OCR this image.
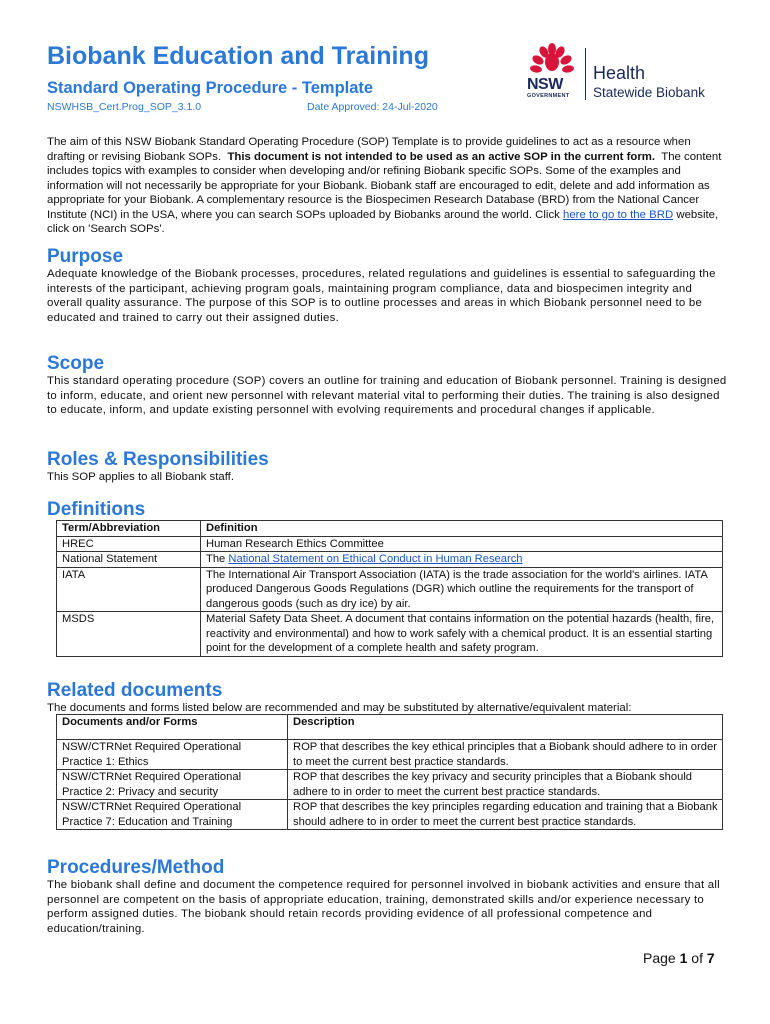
Biobank Education and Training
Standard Operating Procedure - Template
NSWHSB_Cert.Prog_SOP_3.1.0	Date Approved: 24-Jul-2020
NSW
GOVERNMENT
Health
Statewide Biobank

The aim of this NSW Biobank Standard Operating Procedure (SOP) Template is to provide guidelines to act as a resource when drafting or revising Biobank SOPs. This document is not intended to be used as an active SOP in the current form. The content includes topics with examples to consider when developing and/or refining Biobank specific SOPs. Some of the examples and information will not necessarily be appropriate for your Biobank. Biobank staff are encouraged to edit, delete and add information as appropriate for your Biobank. A complementary resource is the Biospecimen Research Database (BRD) from the National Cancer Institute (NCI) in the USA, where you can search SOPs uploaded by Biobanks around the world. Click here to go to the BRD website, click on 'Search SOPs'.

Purpose

Adequate knowledge of the Biobank processes, procedures, related regulations and guidelines is essential to safeguarding the interests of the participant, achieving program goals, maintaining program compliance, data and biospecimen integrity and overall quality assurance. The purpose of this SOP is to outline processes and areas in which Biobank personnel need to be educated and trained to carry out their assigned duties.

Scope

This standard operating procedure (SOP) covers an outline for training and education of Biobank personnel. Training is designed to inform, educate, and orient new personnel with relevant material vital to performing their duties. The training is also designed to educate, inform, and update existing personnel with evolving requirements and procedural changes if applicable.

Roles & Responsibilities

This SOP applies to all Biobank staff.

Definitions
Term/Abbreviation	Definition
HREC	Human Research Ethics Committee
National Statement	The National Statement on Ethical Conduct in Human Research
IATA	The International Air Transport Association (IATA) is the trade association for the world's airlines. IATA produced Dangerous Goods Regulations (DGR) which outline the requirements for the transport of dangerous goods (such as dry ice) by air.
MSDS	Material Safety Data Sheet. A document that contains information on the potential hazards (health, fire, reactivity and environmental) and how to work safely with a chemical product. It is an essential starting point for the development of a complete health and safety program.
Related documents

The documents and forms listed below are recommended and may be substituted by alternative/equivalent material:

Documents and/or Forms	Description
NSW/CTRNet Required Operational Practice 1: Ethics	ROP that describes the key ethical principles that a Biobank should adhere to in order to meet the current best practice standards.
NSW/CTRNet Required Operational Practice 2: Privacy and security	ROP that describes the key privacy and security principles that a Biobank should adhere to in order to meet the current best practice standards.
NSW/CTRNet Required Operational Practice 7: Education and Training	ROP that describes the key principles regarding education and training that a Biobank should adhere to in order to meet the current best practice standards.
Procedures/Method

The biobank shall define and document the competence required for personnel involved in biobank activities and ensure that all personnel are competent on the basis of appropriate education, training, demonstrated skills and/or experience necessary to perform assigned duties. The biobank should retain records providing evidence of all professional competence and education/training.

Page 1 of 7
